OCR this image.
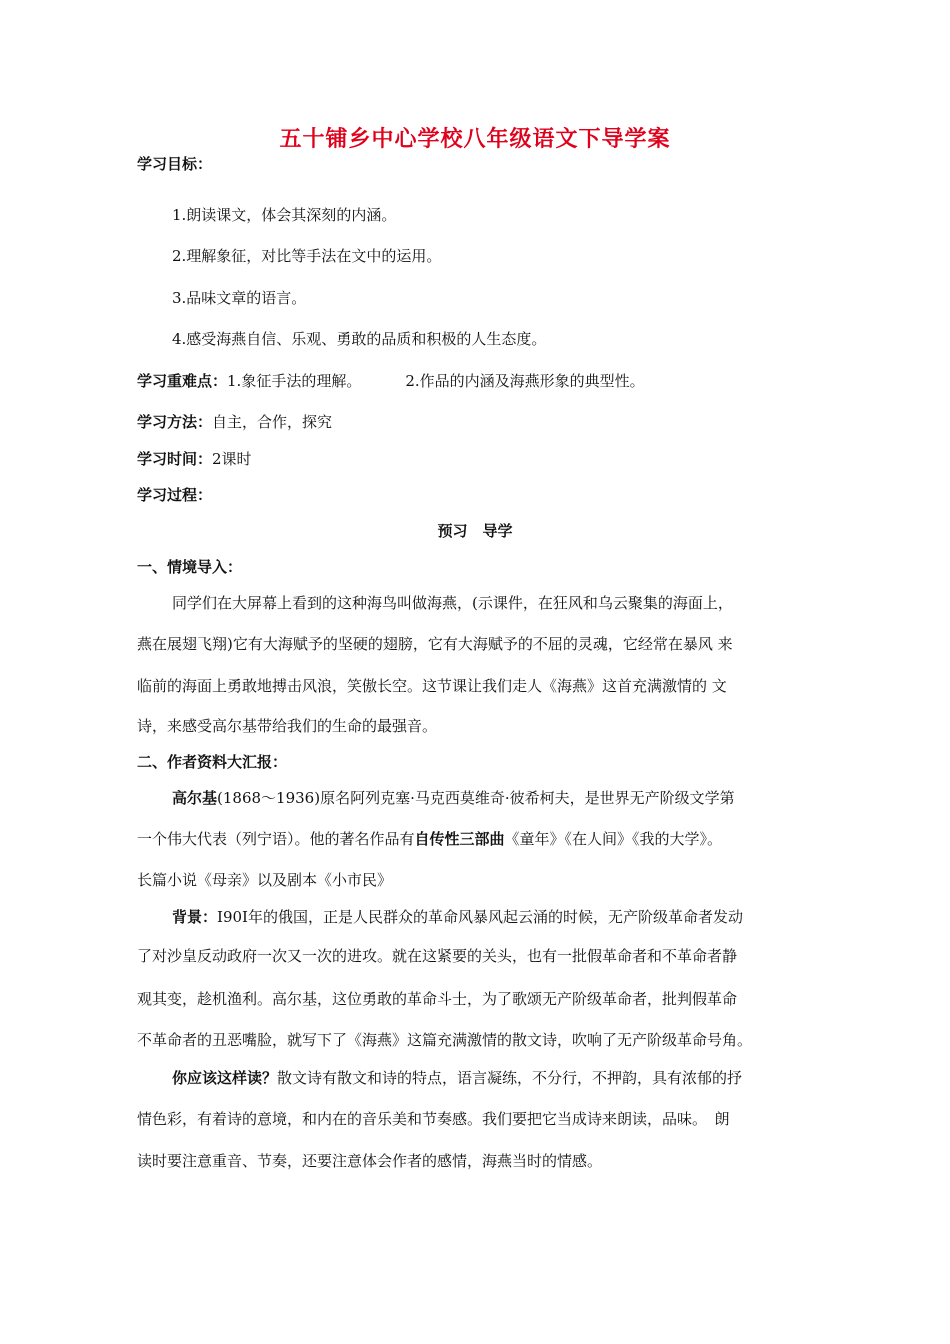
五十铺乡中心学校八年级语文下导学案
学习目标：
1.朗读课文，体会其深刻的内涵。
2.理解象征，对比等手法在文中的运用。
3.品味文章的语言。
4.感受海燕自信、乐观、勇敢的品质和积极的人生态度。
学习重难点：1.象征手法的理解。	2.作品的内涵及海燕形象的典型性。
学习方法：自主，合作，探究
学习时间：2课时
学习过程：
预习　导学
一、情境导入：
同学们在大屏幕上看到的这种海鸟叫做海燕，(示课件，在狂风和乌云聚集的海面上，
燕在展翅飞翔)它有大海赋予的坚硬的翅膀，它有大海赋予的不屈的灵魂，它经常在暴风 来
临前的海面上勇敢地搏击风浪，笑傲长空。这节课让我们走人《海燕》这首充满激情的 文
诗，来感受高尔基带给我们的生命的最强音。
二、作者资料大汇报：
高尔基(1868～1936)原名阿列克塞·马克西莫维奇·彼希柯夫，是世界无产阶级文学第
一个伟大代表（列宁语）。他的著名作品有自传性三部曲《童年》《在人间》《我的大学》。
长篇小说《母亲》以及剧本《小市民》
背景：I90I年的俄国，正是人民群众的革命风暴风起云涌的时候，无产阶级革命者发动
了对沙皇反动政府一次又一次的进攻。就在这紧要的关头，也有一批假革命者和不革命者静
观其变，趁机渔利。高尔基，这位勇敢的革命斗士，为了歌颂无产阶级革命者，批判假革命
不革命者的丑恶嘴脸，就写下了《海燕》这篇充满激情的散文诗，吹响了无产阶级革命号角。
你应该这样读？散文诗有散文和诗的特点，语言凝练，不分行，不押韵，具有浓郁的抒
情色彩，有着诗的意境，和内在的音乐美和节奏感。我们要把它当成诗来朗读，品味。　朗
读时要注意重音、节奏，还要注意体会作者的感情，海燕当时的情感。
